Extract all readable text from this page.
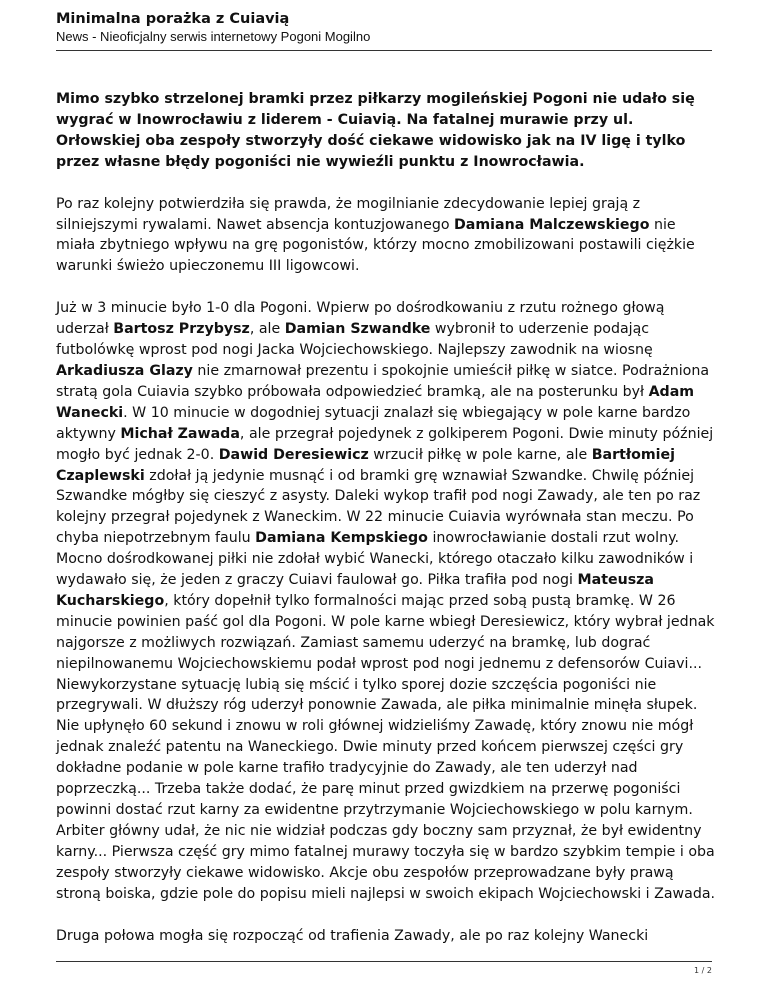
Minimalna porażka z Cuiavią
News - Nieoficjalny serwis internetowy Pogoni Mogilno

Mimo szybko strzelonej bramki przez piłkarzy mogileńskiej Pogoni nie udało się wygrać w Inowrocławiu z liderem - Cuiavią. Na fatalnej murawie przy ul. Orłowskiej oba zespoły stworzyły dość ciekawe widowisko jak na IV ligę i tylko przez własne błędy pogoniści nie wywieźli punktu z Inowrocławia.

Po raz kolejny potwierdziła się prawda, że mogilnianie zdecydowanie lepiej grają z silniejszymi rywalami. Nawet absencja kontuzjowanego Damiana Malczewskiego nie miała zbytniego wpływu na grę pogonistów, którzy mocno zmobilizowani postawili ciężkie warunki świeżo upieczonemu III ligowcowi.

Już w 3 minucie było 1-0 dla Pogoni. Wpierw po dośrodkowaniu z rzutu rożnego głową uderzał Bartosz Przybysz, ale Damian Szwandke wybronił to uderzenie podając futbolówkę wprost pod nogi Jacka Wojciechowskiego. Najlepszy zawodnik na wiosnę Arkadiusza Glazy nie zmarnował prezentu i spokojnie umieścił piłkę w siatce. Podrażniona stratą gola Cuiavia szybko próbowała odpowiedzieć bramką, ale na posterunku był Adam Wanecki. W 10 minucie w dogodniej sytuacji znalazł się wbiegający w pole karne bardzo aktywny Michał Zawada, ale przegrał pojedynek z golkiperem Pogoni. Dwie minuty później mogło być jednak 2-0. Dawid Deresiewicz wrzucił piłkę w pole karne, ale Bartłomiej Czaplewski zdołał ją jedynie musnąć i od bramki grę wznawiał Szwandke. Chwilę później Szwandke mógłby się cieszyć z asysty. Daleki wykop trafił pod nogi Zawady, ale ten po raz kolejny przegrał pojedynek z Waneckim. W 22 minucie Cuiavia wyrównała stan meczu. Po chyba niepotrzebnym faulu Damiana Kempskiego inowrocławianie dostali rzut wolny. Mocno dośrodkowanej piłki nie zdołał wybić Wanecki, którego otaczało kilku zawodników i wydawało się, że jeden z graczy Cuiavi faulował go. Piłka trafiła pod nogi Mateusza Kucharskiego, który dopełnił tylko formalności mając przed sobą pustą bramkę. W 26 minucie powinien paść gol dla Pogoni. W pole karne wbiegł Deresiewicz, który wybrał jednak najgorsze z możliwych rozwiązań. Zamiast samemu uderzyć na bramkę, lub dograć niepilnowanemu Wojciechowskiemu podał wprost pod nogi jednemu z defensorów Cuiavi...  Niewykorzystane sytuację lubią się mścić i tylko sporej dozie szczęścia pogoniści nie przegrywali. W dłuższy róg uderzył ponownie Zawada, ale piłka minimalnie minęła słupek. Nie upłynęło 60 sekund i znowu w roli głównej widzieliśmy Zawadę, który znowu nie mógł jednak znaleźć patentu na Waneckiego. Dwie minuty przed końcem pierwszej części gry dokładne podanie w pole karne trafiło tradycyjnie do Zawady, ale ten uderzył nad poprzeczką... Trzeba także dodać, że parę minut przed gwizdkiem na przerwę pogoniści powinni dostać rzut karny za ewidentne przytrzymanie Wojciechowskiego w polu karnym. Arbiter główny udał, że nic nie widział podczas gdy boczny sam przyznał, że był ewidentny karny... Pierwsza część gry mimo fatalnej murawy toczyła się w bardzo szybkim tempie i oba zespoły stworzyły ciekawe widowisko. Akcje obu zespołów przeprowadzane były prawą stroną boiska, gdzie pole do popisu mieli najlepsi w swoich ekipach Wojciechowski i Zawada.

Druga połowa mogła się rozpocząć od trafienia Zawady, ale po raz kolejny Wanecki

1 / 2
